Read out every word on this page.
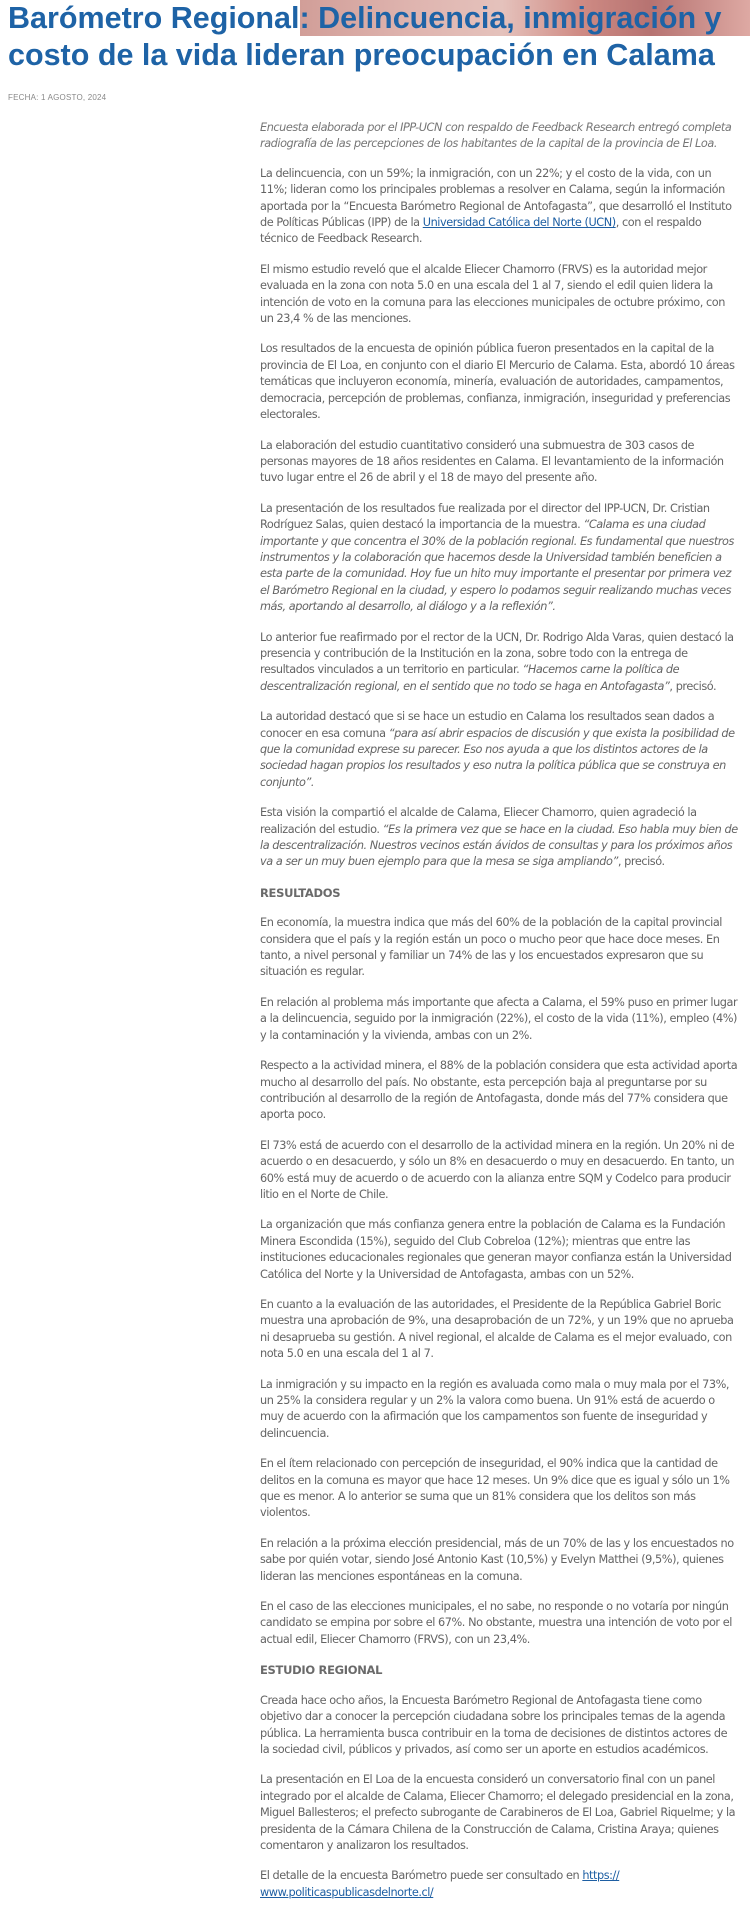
Barómetro Regional: Delincuencia, inmigración y costo de la vida lideran preocupación en Calama
FECHA: 1 AGOSTO, 2024

Encuesta elaborada por el IPP-UCN con respaldo de Feedback Research entregó completa radiografía de las percepciones de los habitantes de la capital de la provincia de El Loa.

La delincuencia, con un 59%; la inmigración, con un 22%; y el costo de la vida, con un 11%; lideran como los principales problemas a resolver en Calama, según la información aportada por la “Encuesta Barómetro Regional de Antofagasta”, que desarrolló el Instituto de Políticas Públicas (IPP) de la Universidad Católica del Norte (UCN), con el respaldo técnico de Feedback Research.

El mismo estudio reveló que el alcalde Eliecer Chamorro (FRVS) es la autoridad mejor evaluada en la zona con nota 5.0 en una escala del 1 al 7, siendo el edil quien lidera la intención de voto en la comuna para las elecciones municipales de octubre próximo, con un 23,4 % de las menciones.

Los resultados de la encuesta de opinión pública fueron presentados en la capital de la provincia de El Loa, en conjunto con el diario El Mercurio de Calama. Esta, abordó 10 áreas temáticas que incluyeron economía, minería, evaluación de autoridades, campamentos, democracia, percepción de problemas, confianza, inmigración, inseguridad y preferencias electorales.

La elaboración del estudio cuantitativo consideró una submuestra de 303 casos de personas mayores de 18 años residentes en Calama. El levantamiento de la información tuvo lugar entre el 26 de abril y el 18 de mayo del presente año.

La presentación de los resultados fue realizada por el director del IPP-UCN, Dr. Cristian Rodríguez Salas, quien destacó la importancia de la muestra. “Calama es una ciudad importante y que concentra el 30% de la población regional. Es fundamental que nuestros instrumentos y la colaboración que hacemos desde la Universidad también beneficien a esta parte de la comunidad. Hoy fue un hito muy importante el presentar por primera vez el Barómetro Regional en la ciudad, y espero lo podamos seguir realizando muchas veces más, aportando al desarrollo, al diálogo y a la reflexión”.

Lo anterior fue reafirmado por el rector de la UCN, Dr. Rodrigo Alda Varas, quien destacó la presencia y contribución de la Institución en la zona, sobre todo con la entrega de resultados vinculados a un territorio en particular. “Hacemos carne la política de descentralización regional, en el sentido que no todo se haga en Antofagasta”, precisó.

La autoridad destacó que si se hace un estudio en Calama los resultados sean dados a conocer en esa comuna “para así abrir espacios de discusión y que exista la posibilidad de que la comunidad exprese su parecer. Eso nos ayuda a que los distintos actores de la sociedad hagan propios los resultados y eso nutra la política pública que se construya en conjunto”.

Esta visión la compartió el alcalde de Calama, Eliecer Chamorro, quien agradeció la realización del estudio. “Es la primera vez que se hace en la ciudad. Eso habla muy bien de la descentralización. Nuestros vecinos están ávidos de consultas y para los próximos años va a ser un muy buen ejemplo para que la mesa se siga ampliando”, precisó.

RESULTADOS

En economía, la muestra indica que más del 60% de la población de la capital provincial considera que el país y la región están un poco o mucho peor que hace doce meses. En tanto, a nivel personal y familiar un 74% de las y los encuestados expresaron que su situación es regular.

En relación al problema más importante que afecta a Calama, el 59% puso en primer lugar a la delincuencia, seguido por la inmigración (22%), el costo de la vida (11%), empleo (4%) y la contaminación y la vivienda, ambas con un 2%.

Respecto a la actividad minera, el 88% de la población considera que esta actividad aporta mucho al desarrollo del país. No obstante, esta percepción baja al preguntarse por su contribución al desarrollo de la región de Antofagasta, donde más del 77% considera que aporta poco.

El 73% está de acuerdo con el desarrollo de la actividad minera en la región. Un 20% ni de acuerdo o en desacuerdo, y sólo un 8% en desacuerdo o muy en desacuerdo. En tanto, un 60% está muy de acuerdo o de acuerdo con la alianza entre SQM y Codelco para producir litio en el Norte de Chile.

La organización que más confianza genera entre la población de Calama es la Fundación Minera Escondida (15%), seguido del Club Cobreloa (12%); mientras que entre las instituciones educacionales regionales que generan mayor confianza están la Universidad Católica del Norte y la Universidad de Antofagasta, ambas con un 52%.

En cuanto a la evaluación de las autoridades, el Presidente de la República Gabriel Boric muestra una aprobación de 9%, una desaprobación de un 72%, y un 19% que no aprueba ni desaprueba su gestión. A nivel regional, el alcalde de Calama es el mejor evaluado, con nota 5.0 en una escala del 1 al 7.

La inmigración y su impacto en la región es avaluada como mala o muy mala por el 73%, un 25% la considera regular y un 2% la valora como buena. Un 91% está de acuerdo o muy de acuerdo con la afirmación que los campamentos son fuente de inseguridad y delincuencia.

En el ítem relacionado con percepción de inseguridad, el 90% indica que la cantidad de delitos en la comuna es mayor que hace 12 meses. Un 9% dice que es igual y sólo un 1% que es menor. A lo anterior se suma que un 81% considera que los delitos son más violentos.

En relación a la próxima elección presidencial, más de un 70% de las y los encuestados no sabe por quién votar, siendo José Antonio Kast (10,5%) y Evelyn Matthei (9,5%), quienes lideran las menciones espontáneas en la comuna.

En el caso de las elecciones municipales, el no sabe, no responde o no votaría por ningún candidato se empina por sobre el 67%. No obstante, muestra una intención de voto por el actual edil, Eliecer Chamorro (FRVS), con un 23,4%.

ESTUDIO REGIONAL

Creada hace ocho años, la Encuesta Barómetro Regional de Antofagasta tiene como objetivo dar a conocer la percepción ciudadana sobre los principales temas de la agenda pública. La herramienta busca contribuir en la toma de decisiones de distintos actores de la sociedad civil, públicos y privados, así como ser un aporte en estudios académicos.

La presentación en El Loa de la encuesta consideró un conversatorio final con un panel integrado por el alcalde de Calama, Eliecer Chamorro; el delegado presidencial en la zona, Miguel Ballesteros; el prefecto subrogante de Carabineros de El Loa, Gabriel Riquelme; y la presidenta de la Cámara Chilena de la Construcción de Calama, Cristina Araya; quienes comentaron y analizaron los resultados.

El detalle de la encuesta Barómetro puede ser consultado en https://
www.politicaspublicasdelnorte.cl/
